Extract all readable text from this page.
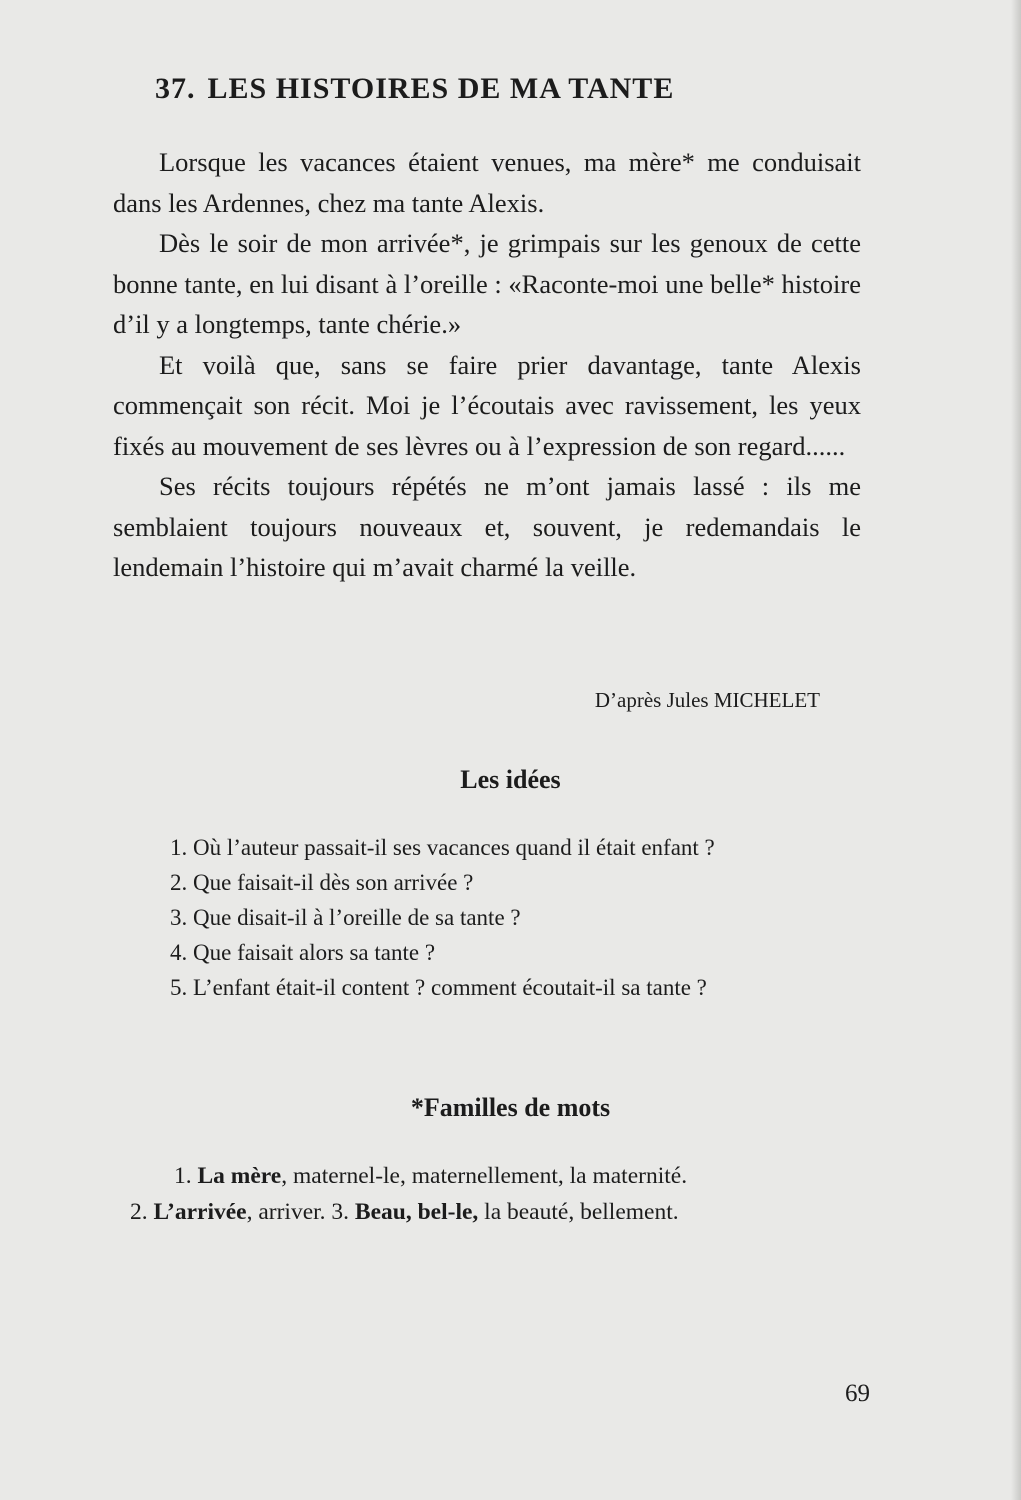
37. LES HISTOIRES DE MA TANTE

Lorsque les vacances étaient venues, ma mère* me conduisait dans les Ardennes, chez ma tante Alexis.

Dès le soir de mon arrivée*, je grimpais sur les genoux de cette bonne tante, en lui disant à l’oreille : «Raconte-moi une belle* histoire d’il y a longtemps, tante chérie.»

Et voilà que, sans se faire prier davantage, tante Alexis commençait son récit. Moi je l’écoutais avec ravissement, les yeux fixés au mouvement de ses lèvres ou à l’expression de son regard......

Ses récits toujours répétés ne m’ont jamais lassé : ils me semblaient toujours nouveaux et, souvent, je redemandais le lendemain l’histoire qui m’avait charmé la veille.

D’après Jules MICHELET
Les idées

1. Où l’auteur passait-il ses vacances quand il était enfant ?

2. Que faisait-il dès son arrivée ?

3. Que disait-il à l’oreille de sa tante ?

4. Que faisait alors sa tante ?

5. L’enfant était-il content ? comment écoutait-il sa tante ?

*Familles de mots

1. La mère, maternel-le, maternellement, la maternité.

2. L’arrivée, arriver. 3. Beau, bel-le, la beauté, bellement.

69
